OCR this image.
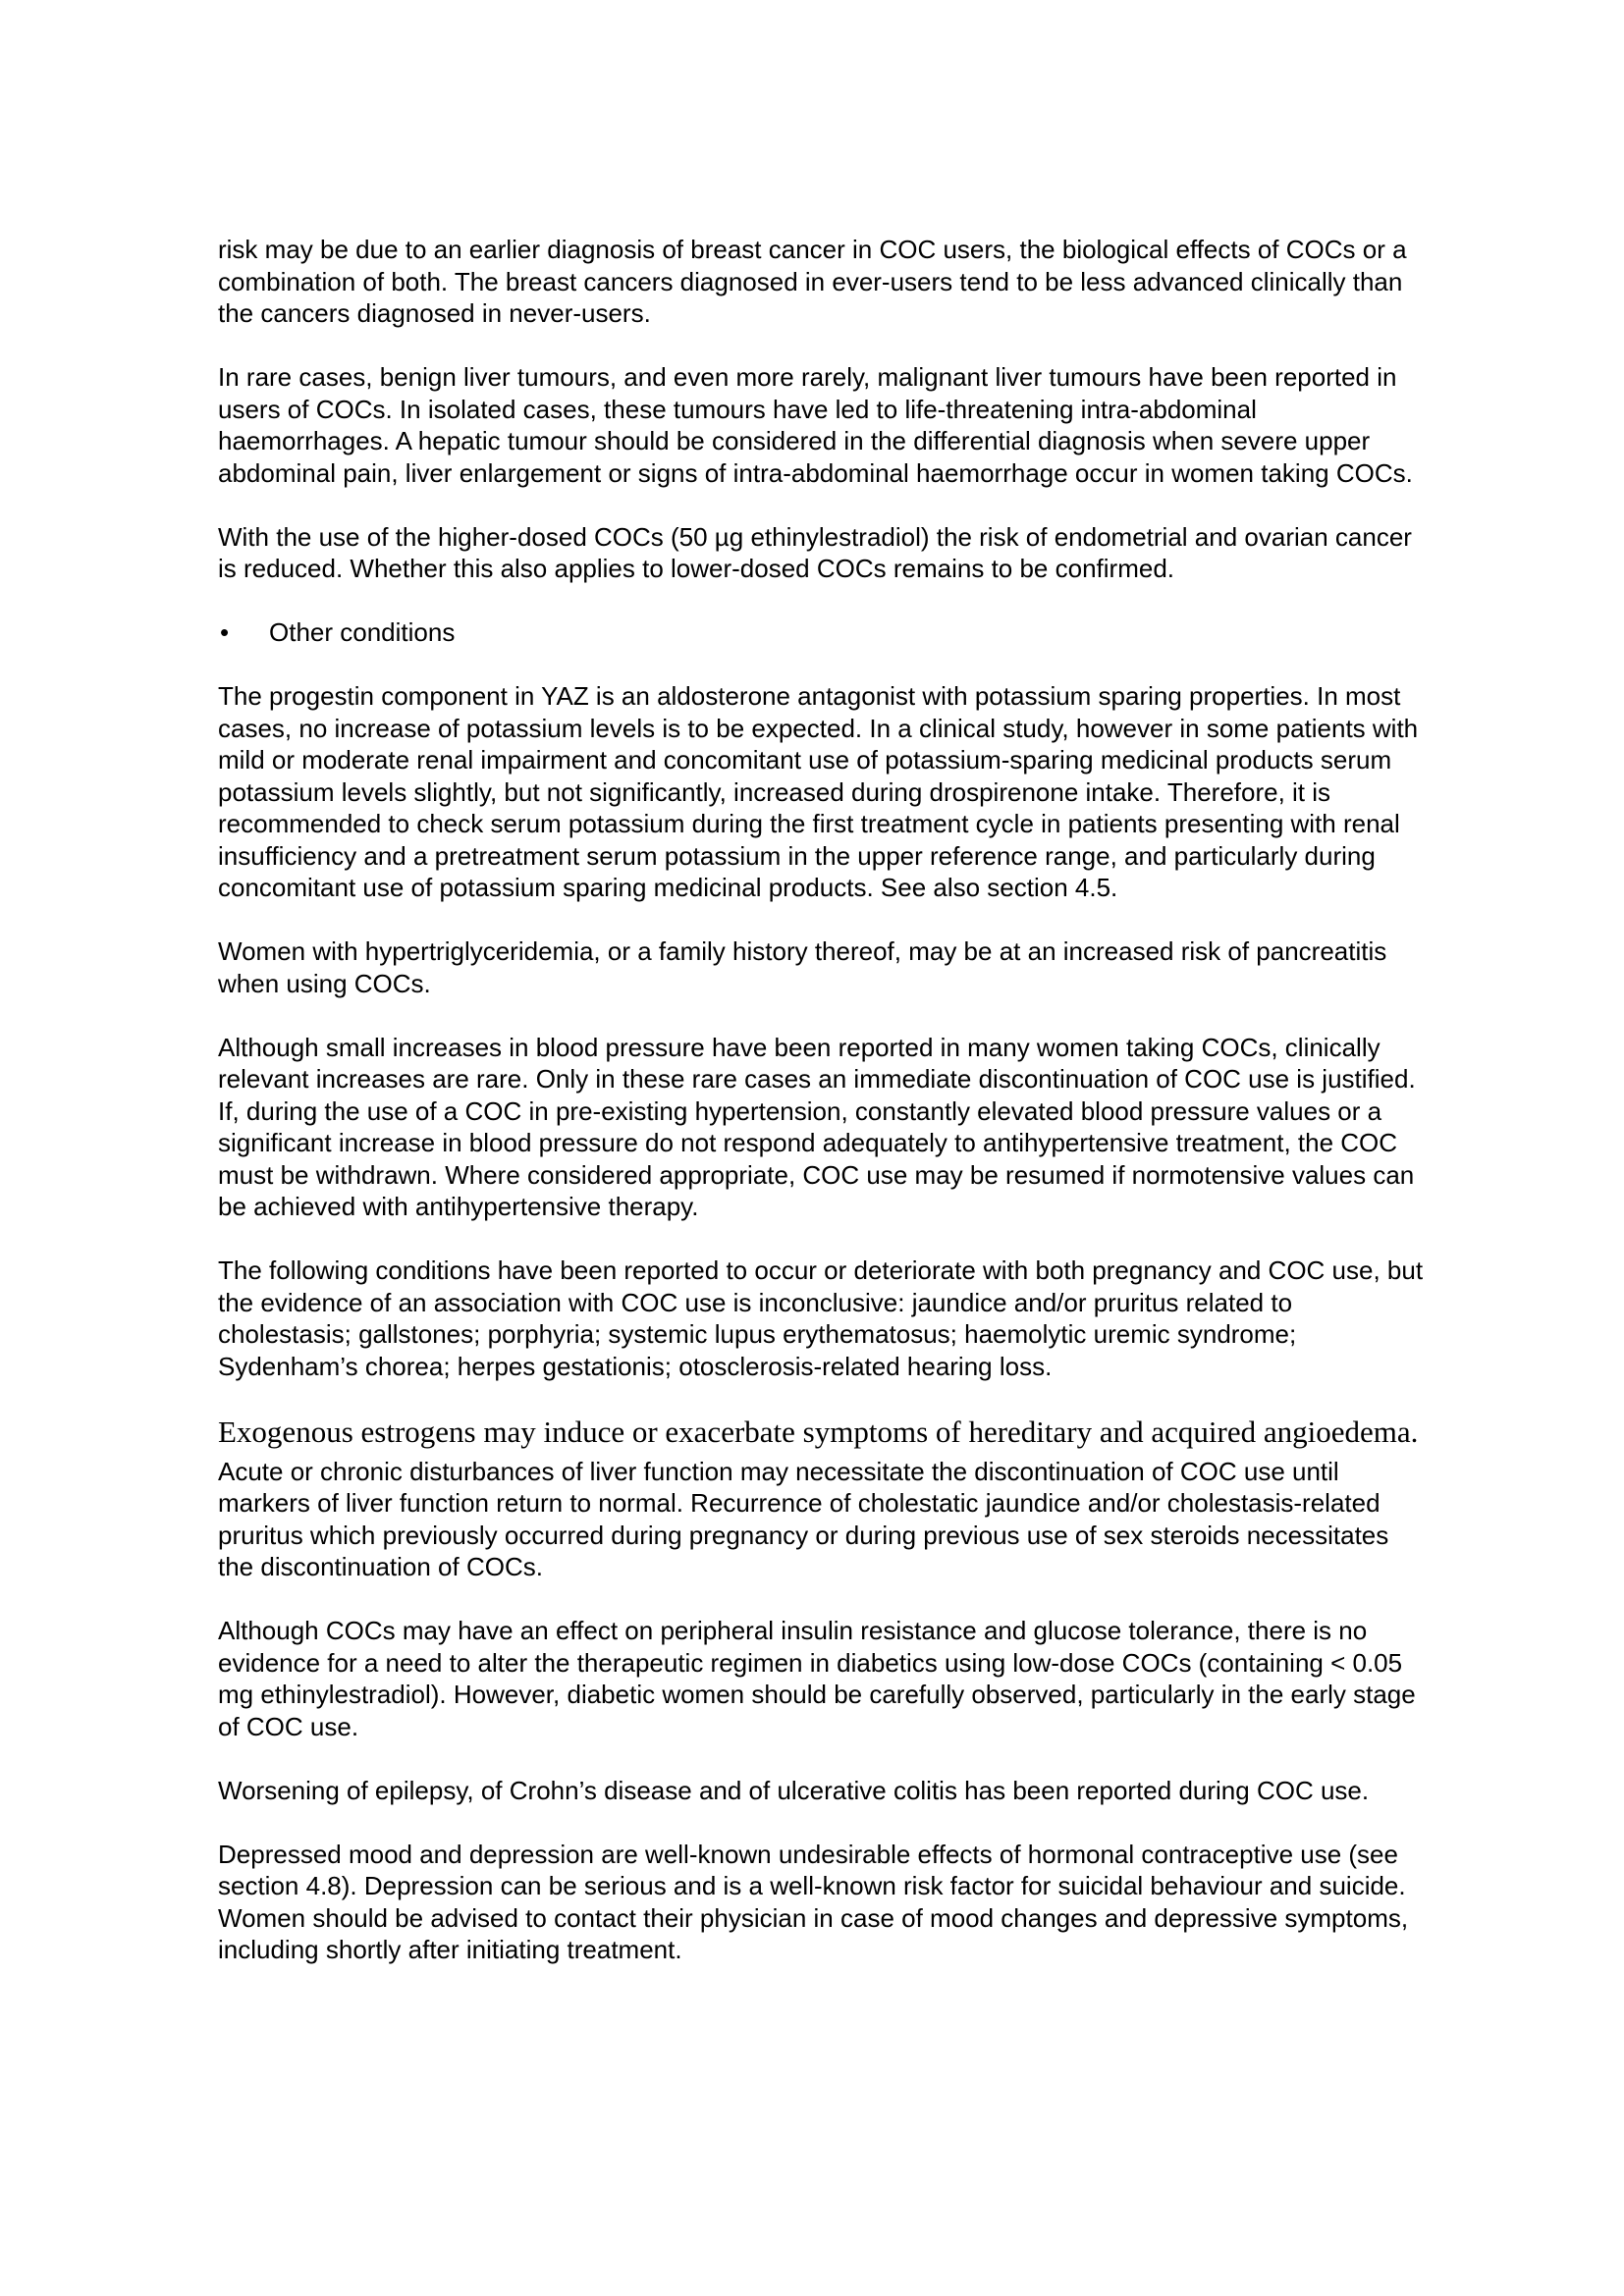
risk may be due to an earlier diagnosis of breast cancer in COC users, the biological effects of COCs or a combination of both. The breast cancers diagnosed in ever-users tend to be less advanced clinically than the cancers diagnosed in never-users.

In rare cases, benign liver tumours, and even more rarely, malignant liver tumours have been reported in users of COCs. In isolated cases, these tumours have led to life-threatening intra-abdominal haemorrhages. A hepatic tumour should be considered in the differential diagnosis when severe upper abdominal pain, liver enlargement or signs of intra-abdominal haemorrhage occur in women taking COCs.

With the use of the higher-dosed COCs (50 µg ethinylestradiol) the risk of endometrial and ovarian cancer is reduced. Whether this also applies to lower-dosed COCs remains to be confirmed.

•	Other conditions

The progestin component in YAZ is an aldosterone antagonist with potassium sparing properties. In most cases, no increase of potassium levels is to be expected. In a clinical study, however in some patients with mild or moderate renal impairment and concomitant use of potassium-sparing medicinal products serum potassium levels slightly, but not significantly, increased during drospirenone intake. Therefore, it is recommended to check serum potassium during the first treatment cycle in patients presenting with renal insufficiency and a pretreatment serum potassium in the upper reference range, and particularly during concomitant use of potassium sparing medicinal products. See also section 4.5.

Women with hypertriglyceridemia, or a family history thereof, may be at an increased risk of pancreatitis when using COCs.

Although small increases in blood pressure have been reported in many women taking COCs, clinically relevant increases are rare. Only in these rare cases an immediate discontinuation of COC use is justified. If, during the use of a COC in pre-existing hypertension, constantly elevated blood pressure values or a significant increase in blood pressure do not respond adequately to antihypertensive treatment, the COC must be withdrawn. Where considered appropriate, COC use may be resumed if normotensive values can be achieved with antihypertensive therapy.

The following conditions have been reported to occur or deteriorate with both pregnancy and COC use, but the evidence of an association with COC use is inconclusive: jaundice and/or pruritus related to cholestasis; gallstones; porphyria; systemic lupus erythematosus; haemolytic uremic syndrome; Sydenham’s chorea; herpes gestationis; otosclerosis-related hearing loss.

Exogenous estrogens may induce or exacerbate symptoms of hereditary and acquired angioedema.

Acute or chronic disturbances of liver function may necessitate the discontinuation of COC use until markers of liver function return to normal. Recurrence of cholestatic jaundice and/or cholestasis-related pruritus which previously occurred during pregnancy or during previous use of sex steroids necessitates the discontinuation of COCs.

Although COCs may have an effect on peripheral insulin resistance and glucose tolerance, there is no evidence for a need to alter the therapeutic regimen in diabetics using low-dose COCs (containing < 0.05 mg ethinylestradiol). However, diabetic women should be carefully observed, particularly in the early stage of COC use.

Worsening of epilepsy, of Crohn’s disease and of ulcerative colitis has been reported during COC use.

Depressed mood and depression are well-known undesirable effects of hormonal contraceptive use (see section 4.8). Depression can be serious and is a well-known risk factor for suicidal behaviour and suicide. Women should be advised to contact their physician in case of mood changes and depressive symptoms, including shortly after initiating treatment.
